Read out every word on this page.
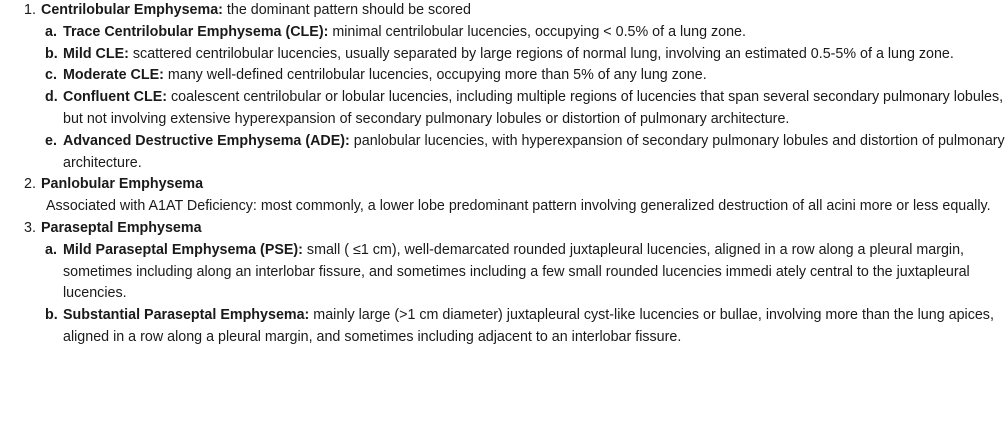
1. Centrilobular Emphysema: the dominant pattern should be scored
a. Trace Centrilobular Emphysema (CLE): minimal centrilobular lucencies, occupying < 0.5% of a lung zone.
b. Mild CLE: scattered centrilobular lucencies, usually separated by large regions of normal lung, involving an estimated 0.5-5% of a lung zone.
c. Moderate CLE: many well-defined centrilobular lucencies, occupying more than 5% of any lung zone.
d. Confluent CLE: coalescent centrilobular or lobular lucencies, including multiple regions of lucencies that span several secondary pulmonary lobules, but not involving extensive hyperexpansion of secondary pulmonary lobules or distortion of pulmonary architecture.
e. Advanced Destructive Emphysema (ADE): panlobular lucencies, with hyperexpansion of secondary pulmonary lobules and distortion of pulmonary architecture.
2. Panlobular Emphysema
Associated with A1AT Deficiency: most commonly, a lower lobe predominant pattern involving generalized destruction of all acini more or less equally.
3. Paraseptal Emphysema
a. Mild Paraseptal Emphysema (PSE): small ( ≤1 cm), well-demarcated rounded juxtapleural lucencies, aligned in a row along a pleural margin, sometimes including along an interlobar fissure, and sometimes including a few small rounded lucencies immedi ately central to the juxtapleural lucencies.
b. Substantial Paraseptal Emphysema: mainly large (>1 cm diameter) juxtapleural cyst-like lucencies or bullae, involving more than the lung apices, aligned in a row along a pleural margin, and sometimes including adjacent to an interlobar fissure.
